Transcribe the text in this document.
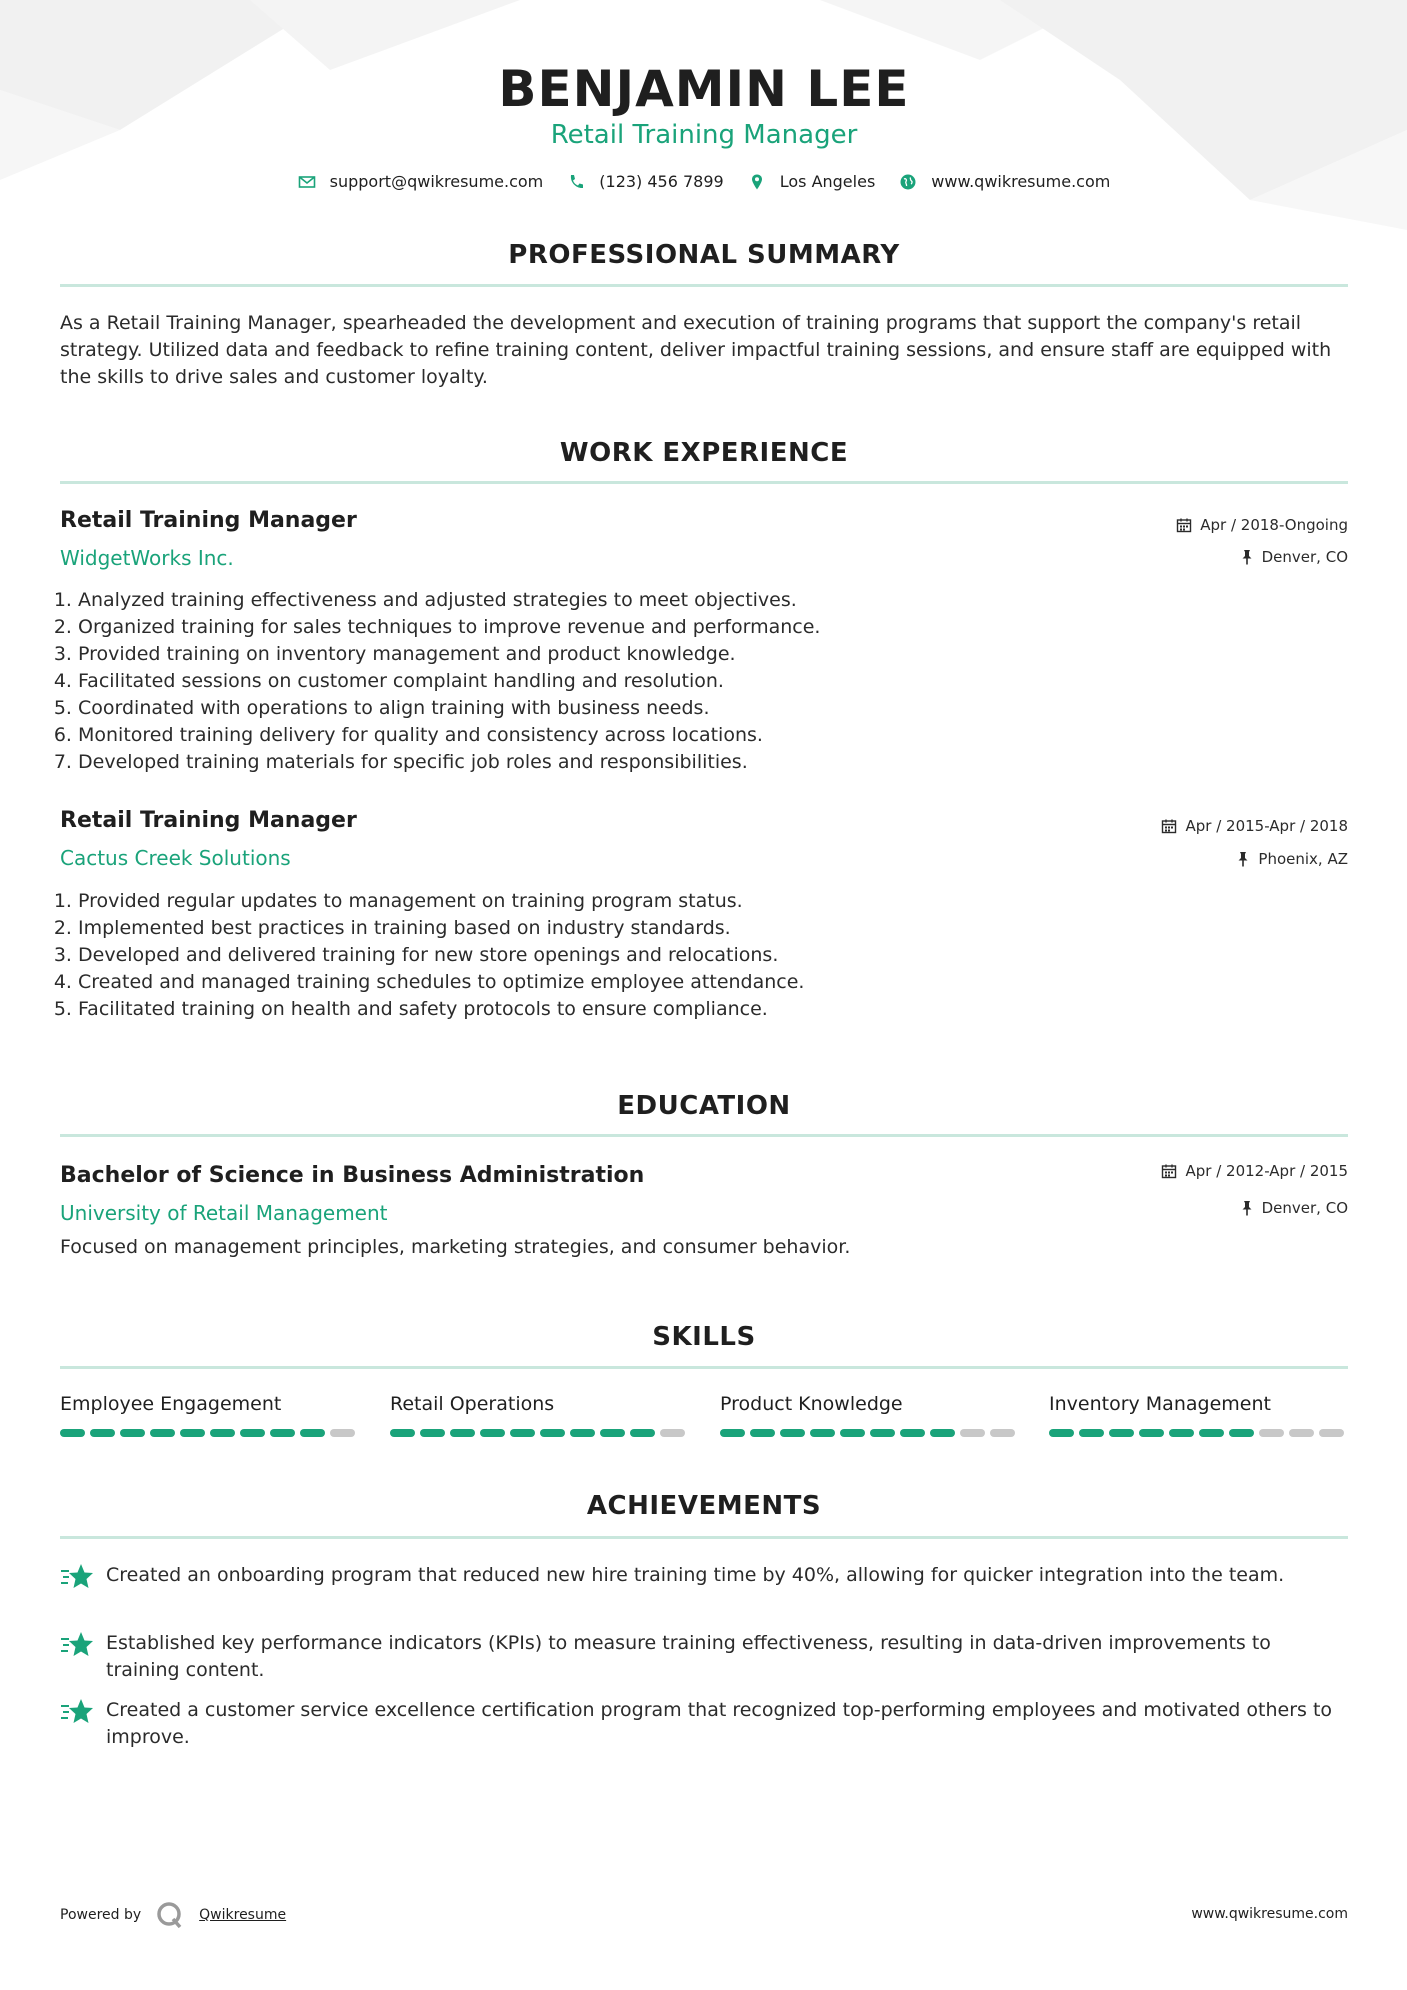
BENJAMIN LEE
Retail Training Manager
support@qwikresume.com	(123) 456 7899	Los Angeles	www.qwikresume.com
PROFESSIONAL SUMMARY
As a Retail Training Manager, spearheaded the development and execution of training programs that support the company's retail strategy. Utilized data and feedback to refine training content, deliver impactful training sessions, and ensure staff are equipped with the skills to drive sales and customer loyalty.
WORK EXPERIENCE
Retail Training Manager
WidgetWorks Inc.
Apr / 2018-Ongoing
Denver, CO
1. Analyzed training effectiveness and adjusted strategies to meet objectives.
2. Organized training for sales techniques to improve revenue and performance.
3. Provided training on inventory management and product knowledge.
4. Facilitated sessions on customer complaint handling and resolution.
5. Coordinated with operations to align training with business needs.
6. Monitored training delivery for quality and consistency across locations.
7. Developed training materials for specific job roles and responsibilities.
Retail Training Manager
Cactus Creek Solutions
Apr / 2015-Apr / 2018
Phoenix, AZ
1. Provided regular updates to management on training program status.
2. Implemented best practices in training based on industry standards.
3. Developed and delivered training for new store openings and relocations.
4. Created and managed training schedules to optimize employee attendance.
5. Facilitated training on health and safety protocols to ensure compliance.
EDUCATION
Bachelor of Science in Business Administration
University of Retail Management
Apr / 2012-Apr / 2015
Denver, CO
Focused on management principles, marketing strategies, and consumer behavior.
SKILLS
Employee Engagement	Retail Operations	Product Knowledge	Inventory Management
ACHIEVEMENTS
Created an onboarding program that reduced new hire training time by 40%, allowing for quicker integration into the team.
Established key performance indicators (KPIs) to measure training effectiveness, resulting in data-driven improvements to training content.
Created a customer service excellence certification program that recognized top-performing employees and motivated others to improve.
Powered by	Qwikresume	www.qwikresume.com
